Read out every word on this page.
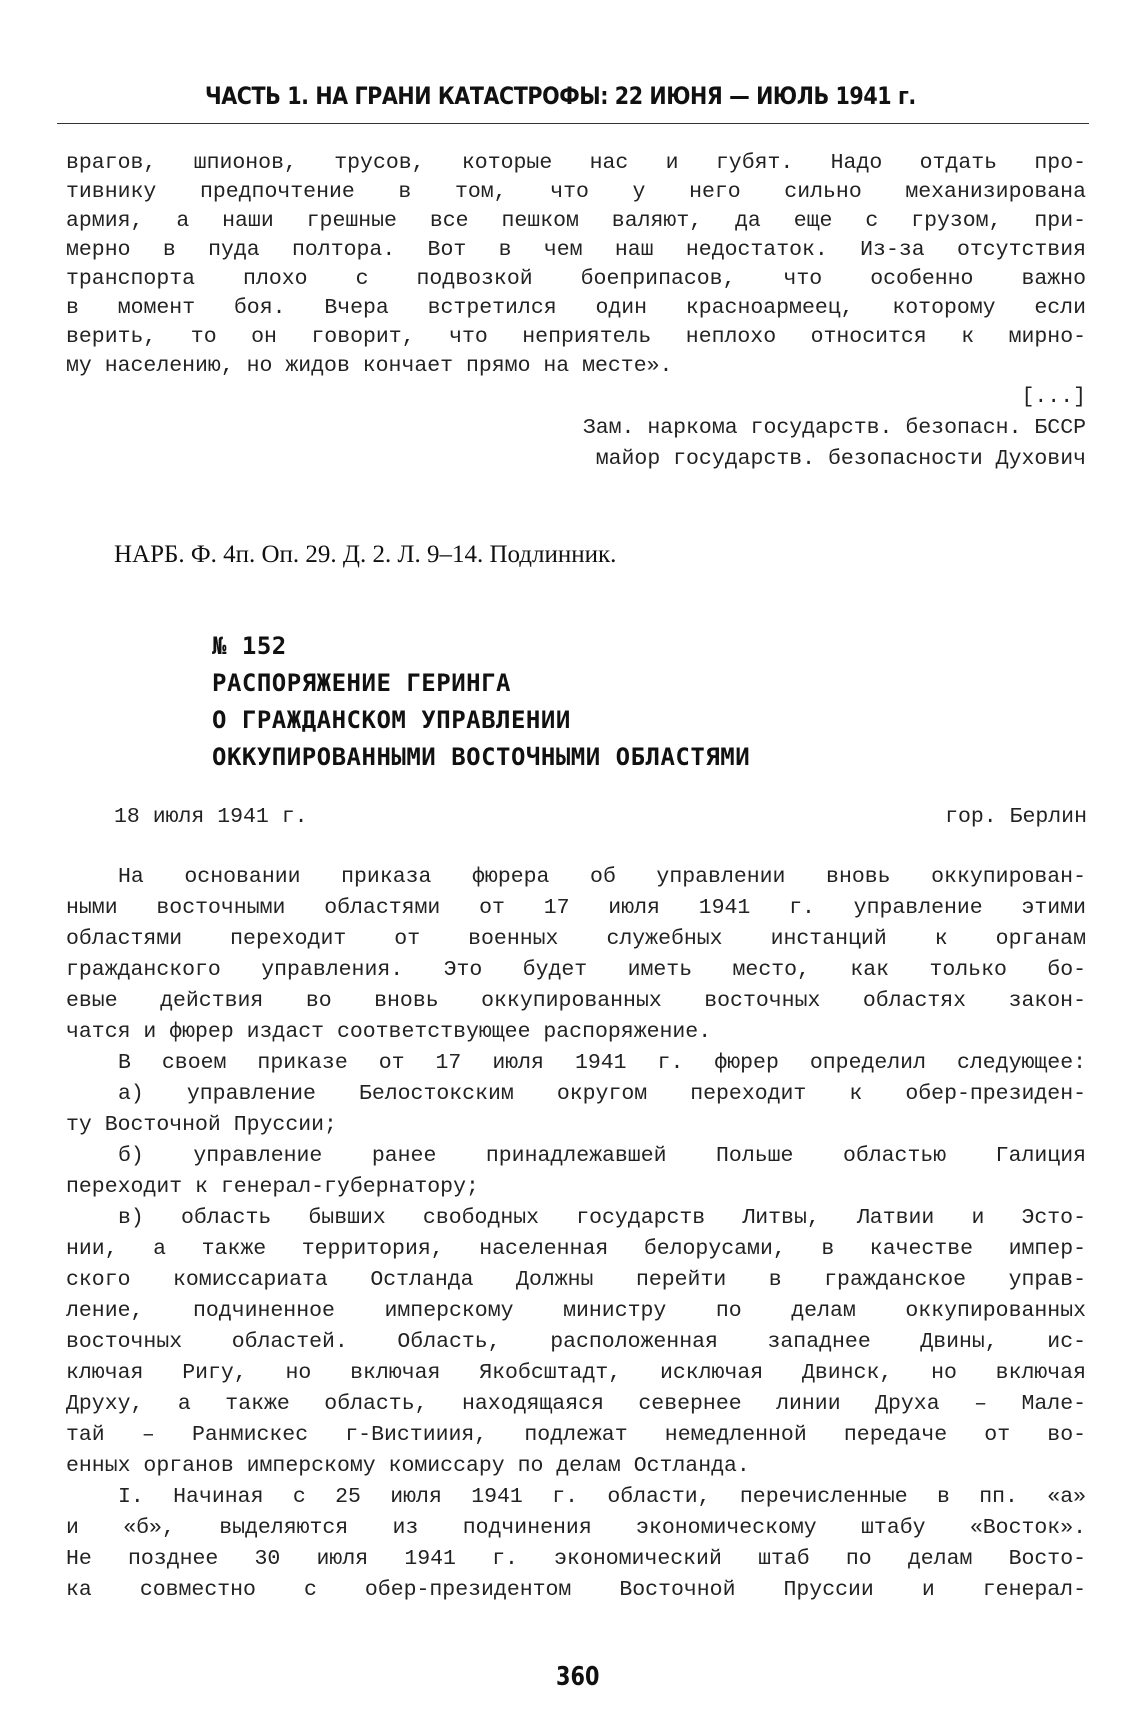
ЧАСТЬ 1. НА ГРАНИ КАТАСТРОФЫ: 22 ИЮНЯ — ИЮЛЬ 1941 г.
врагов, шпионов, трусов, которые нас и губят. Надо отдать про-
тивнику предпочтение в том, что у него сильно механизирована
армия, а наши грешные все пешком валяют, да еще с грузом, при-
мерно в пуда полтора. Вот в чем наш недостаток. Из-за отсутствия
транспорта плохо с подвозкой боеприпасов, что особенно важно
в момент боя. Вчера встретился один красноармеец, которому если
верить, то он говорит, что неприятель неплохо относится к мирно-
му населению, но жидов кончает прямо на месте».
[...]
Зам. наркома государств. безопасн. БССР
майор государств. безопасности Духович
НАРБ. Ф. 4п. Оп. 29. Д. 2. Л. 9–14. Подлинник.
№ 152
РАСПОРЯЖЕНИЕ ГЕРИНГА
О ГРАЖДАНСКОМ УПРАВЛЕНИИ
ОККУПИРОВАННЫМИ ВОСТОЧНЫМИ ОБЛАСТЯМИ
18 июля 1941 г.	гор. Берлин
На основании приказа фюрера об управлении вновь оккупирован-
ными восточными областями от 17 июля 1941 г. управление этими
областями переходит от военных служебных инстанций к органам
гражданского управления. Это будет иметь место, как только бо-
евые действия во вновь оккупированных восточных областях закон-
чатся и фюрер издаст соответствующее распоряжение.
В своем приказе от 17 июля 1941 г. фюрер определил следующее:
а) управление Белостокским округом переходит к обер-президен-
ту Восточной Пруссии;
б) управление ранее принадлежавшей Польше областью Галиция
переходит к генерал-губернатору;
в) область бывших свободных государств Литвы, Латвии и Эсто-
нии, а также территория, населенная белорусами, в качестве импер-
ского комиссариата Остланда Должны перейти в гражданское управ-
ление, подчиненное имперскому министру по делам оккупированных
восточных областей. Область, расположенная западнее Двины, ис-
ключая Ригу, но включая Якобсштадт, исключая Двинск, но включая
Друху, а также область, находящаяся севернее линии Друха – Мале-
тай – Ранмискес г-Вистииия, подлежат немедленной передаче от во-
енных органов имперскому комиссару по делам Остланда.
I. Начиная с 25 июля 1941 г. области, перечисленные в пп. «а»
и «б», выделяются из подчинения экономическому штабу «Восток».
Не позднее 30 июля 1941 г. экономический штаб по делам Восто-
ка совместно с обер-президентом Восточной Пруссии и генерал-
360
